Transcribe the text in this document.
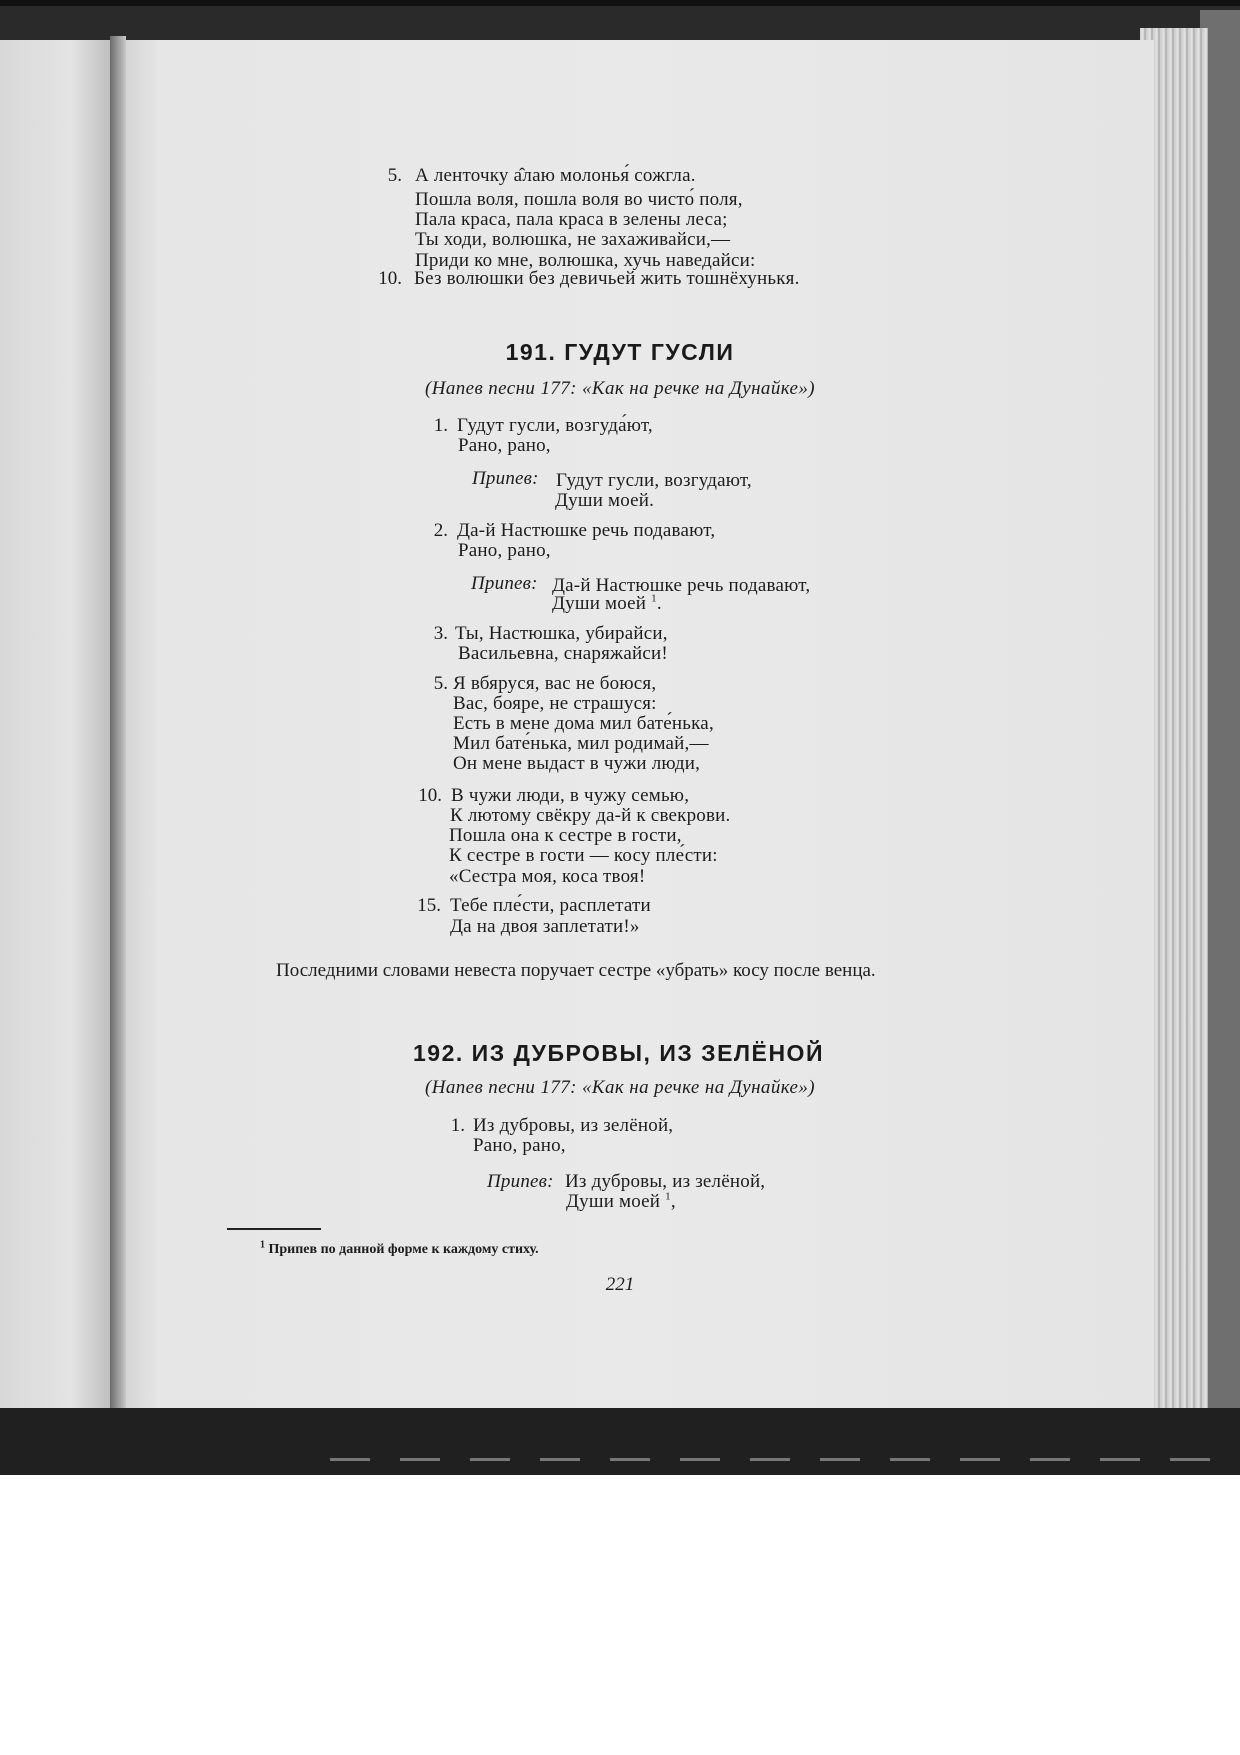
5. А ленточку а̂лаю молонья́ сожгла.
Пошла воля, пошла воля во чисто́ поля,
Пала краса, пала краса в зелены леса;
Ты ходи, волюшка, не захаживайси,—
Приди ко мне, волюшка, хучь наведайси:
10. Без волюшки без девичьей жить тошнёхунькя.
191. ГУДУТ ГУСЛИ
(Напев песни 177: «Как на речке на Дунайке»)
1. Гудут гусли, возгуда́ют,
Рано, рано,
Припев: Гудут гусли, возгудают,
Души моей.
2. Да-й Настюшке речь подавают,
Рано, рано,
Припев: Да-й Настюшке речь подавают,
Души моей $^1$.
3. Ты, Настюшка, убирайси,
Васильевна, снаряжайси!
5. Я вбяруся, вас не боюся,
Вас, бояре, не страшуся:
Есть в мене дома мил бате́нька,
Мил бате́нька, мил родимай,—
Он мене выдаст в чужи люди,
10. В чужи люди, в чужу семью,
К лютому свёкру да-й к свекрови.
Пошла она к сестре в гости,
К сестре в гости — косу пле́сти:
«Сестра моя, коса твоя!
15. Тебе пле́сти, расплетати
Да на двоя заплетати!»
Последними словами невеста поручает сестре «убрать» косу после венца.
192. ИЗ ДУБРОВЫ, ИЗ ЗЕЛЁНОЙ
(Напев песни 177: «Как на речке на Дунайке»)
1. Из дубровы, из зелёной,
Рано, рано,
Припев: Из дубровы, из зелёной,
Души моей $^1$,
$^1$ Припев по данной форме к каждому стиху.
221
